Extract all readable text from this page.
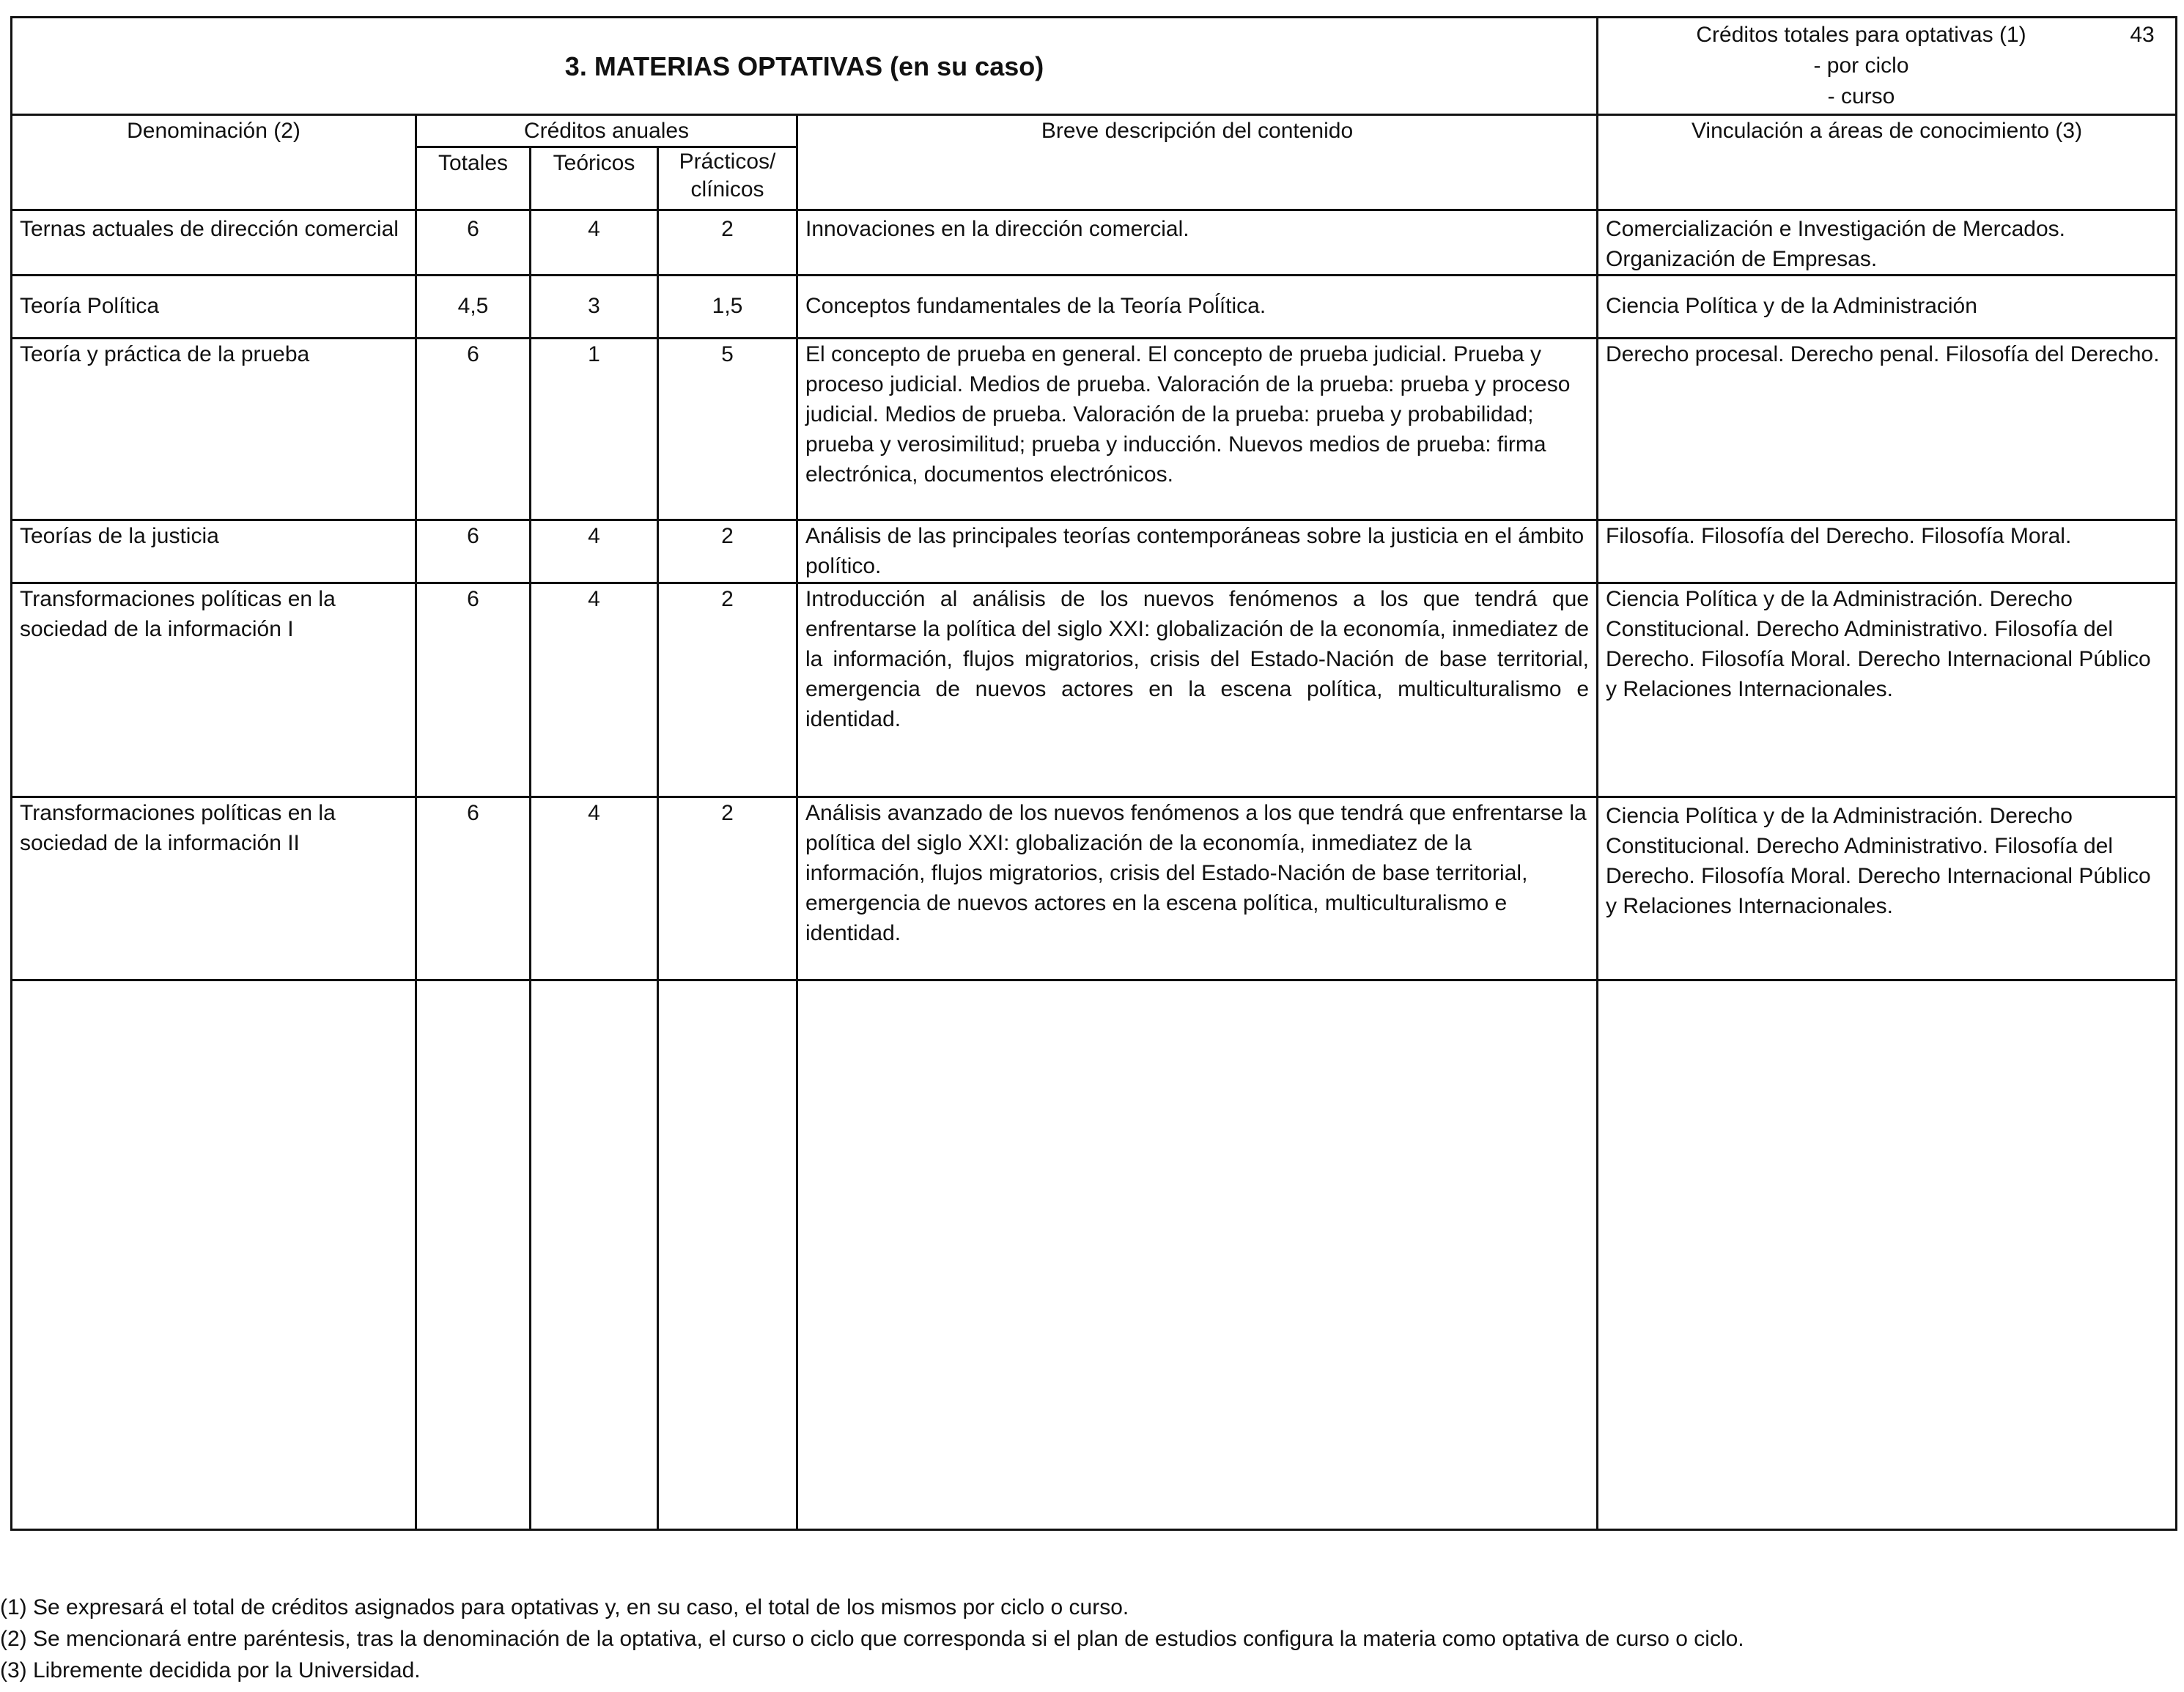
3. MATERIAS OPTATIVAS (en su caso)					Créditos totales para optativas (1) 43
- por ciclo
- curso

Denominación (2)	Créditos anuales			Breve descripción del contenido	Vinculación a áreas de conocimiento (3)
	Totales	Teóricos	Prácticos/
clínicos		

Ternas actuales de dirección comercial	6	4	2	Innovaciones en la dirección comercial.	Comercialización e Investigación de Mercados. Organización de Empresas.
Teoría Política	4,5	3	1,5	Conceptos fundamentales de la Teoría Poĺítica.	Ciencia Política y de la Administración
Teoría y práctica de la prueba	6	1	5	El concepto de prueba en general. El concepto de prueba judicial. Prueba y proceso judicial. Medios de prueba. Valoración de la prueba: prueba y proceso judicial. Medios de prueba. Valoración de la prueba: prueba y probabilidad; prueba y verosimilitud; prueba y inducción. Nuevos medios de prueba: firma electrónica, documentos electrónicos.	Derecho procesal. Derecho penal. Filosofía del Derecho.
Teorías de la justicia	6	4	2	Análisis de las principales teorías contemporáneas sobre la justicia en el ámbito político.	Filosofía. Filosofía del Derecho. Filosofía Moral.
Transformaciones políticas en la sociedad de la información I	6	4	2	Introducción al análisis de los nuevos fenómenos a los que tendrá que enfrentarse la política del siglo XXI: globalización de la economía, inmediatez de la información, flujos migratorios, crisis del Estado-Nación de base territorial, emergencia de nuevos actores en la escena política, multiculturalismo e identidad.	Ciencia Política y de la Administración. Derecho Constitucional. Derecho Administrativo. Filosofía del Derecho. Filosofía Moral. Derecho Internacional Público y Relaciones Internacionales.
Transformaciones políticas en la sociedad de la información II	6	4	2	Análisis avanzado de los nuevos fenómenos a los que tendrá que enfrentarse la política del siglo XXI: globalización de la economía, inmediatez de la información, flujos migratorios, crisis del Estado-Nación de base territorial, emergencia de nuevos actores en la escena política, multiculturalismo e identidad.	Ciencia Política y de la Administración. Derecho Constitucional. Derecho Administrativo. Filosofía del Derecho. Filosofía Moral. Derecho Internacional Público y Relaciones Internacionales.

(1) Se expresará el total de créditos asignados para optativas y, en su caso, el total de los mismos por ciclo o curso.
(2) Se mencionará entre paréntesis, tras la denominación de la optativa, el curso o ciclo que corresponda si el plan de estudios configura la materia como optativa de curso o ciclo.
(3) Libremente decidida por la Universidad.
